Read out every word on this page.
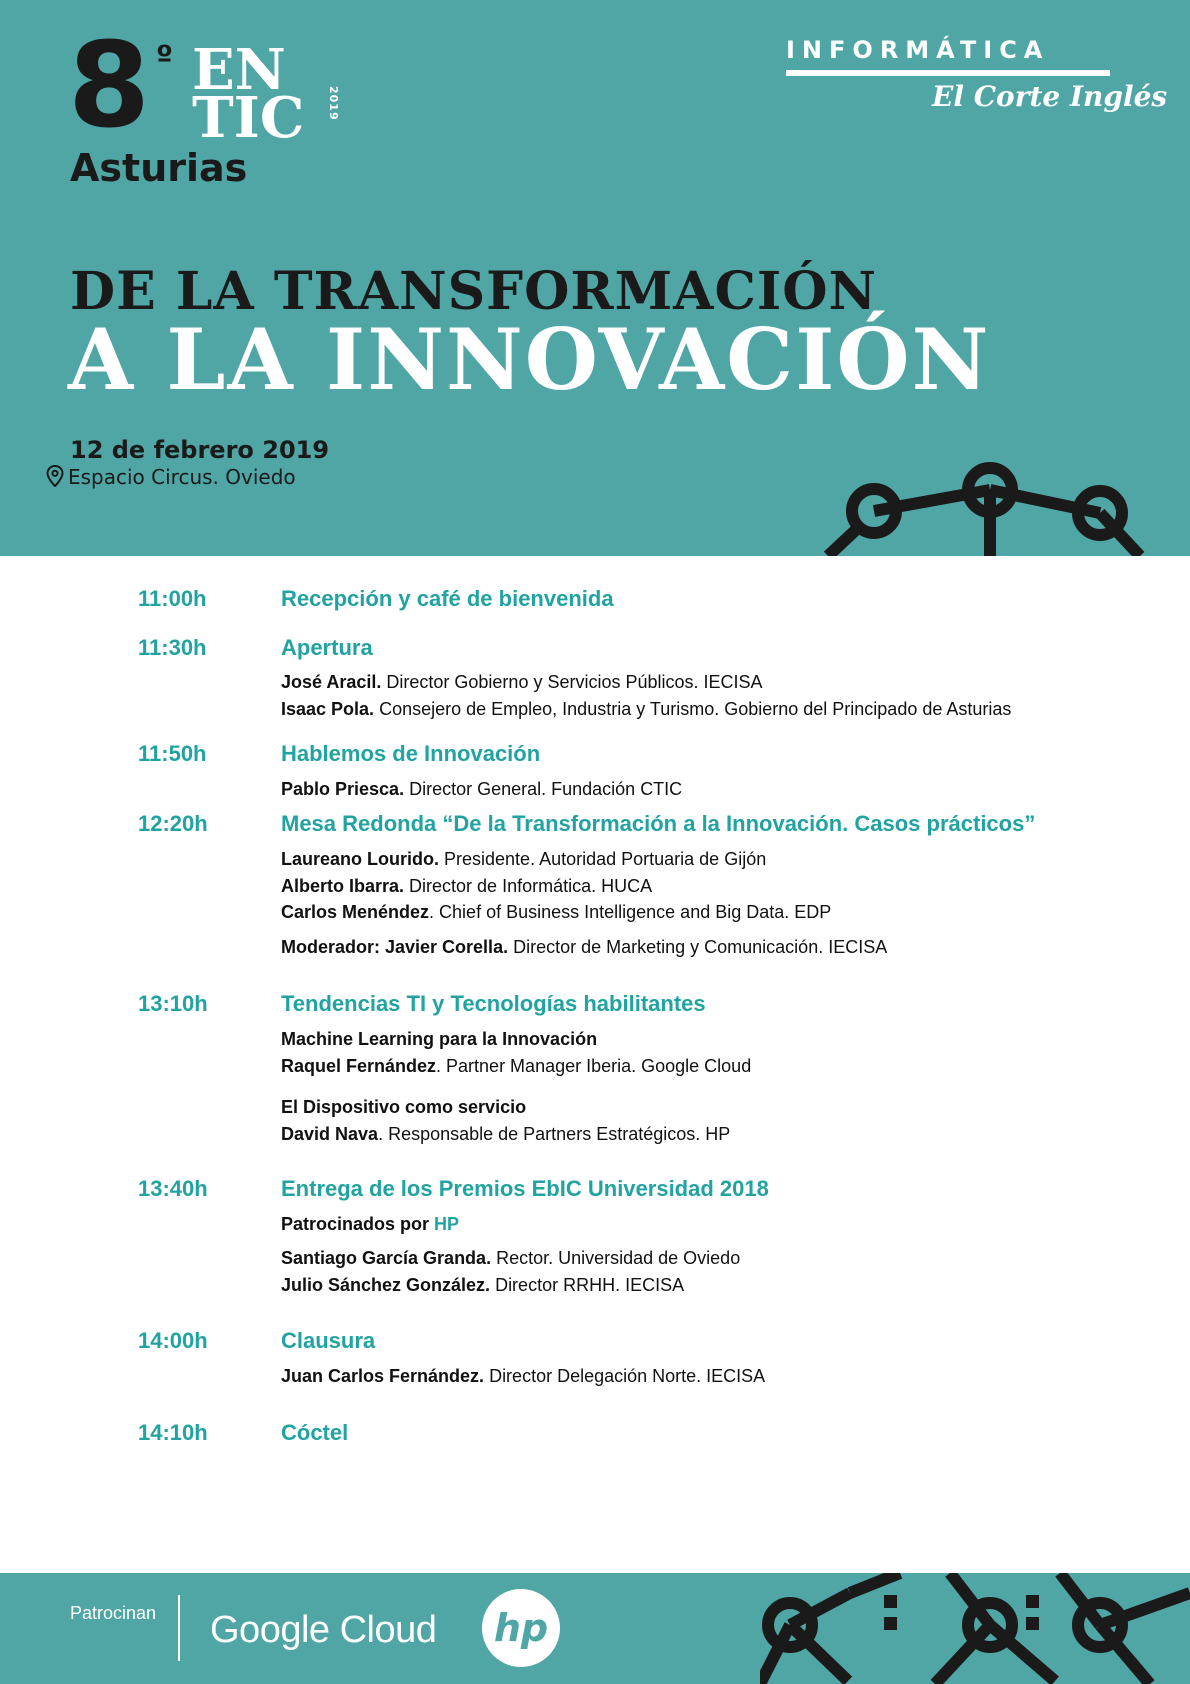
8 º EN
TIC 2019
Asturias
INFORMÁTICA
El Corte Inglés
DE LA TRANSFORMACIÓN
A LA INNOVACIÓN
12 de febrero 2019
Espacio Circus. Oviedo
11:00h	Recepción y café de bienvenida
11:30h	Apertura
José Aracil. Director Gobierno y Servicios Públicos. IECISA
Isaac Pola. Consejero de Empleo, Industria y Turismo. Gobierno del Principado de Asturias
11:50h	Hablemos de Innovación
Pablo Priesca. Director General. Fundación CTIC
12:20h	Mesa Redonda “De la Transformación a la Innovación. Casos prácticos”
Laureano Lourido. Presidente. Autoridad Portuaria de Gijón
Alberto Ibarra. Director de Informática. HUCA
Carlos Menéndez. Chief of Business Intelligence and Big Data. EDP
Moderador: Javier Corella. Director de Marketing y Comunicación. IECISA
13:10h	Tendencias TI y Tecnologías habilitantes
Machine Learning para la Innovación
Raquel Fernández. Partner Manager Iberia. Google Cloud
El Dispositivo como servicio
David Nava. Responsable de Partners Estratégicos. HP
13:40h	Entrega de los Premios EbIC Universidad 2018
Patrocinados por HP
Santiago García Granda. Rector. Universidad de Oviedo
Julio Sánchez González. Director RRHH. IECISA
14:00h	Clausura
Juan Carlos Fernández. Director Delegación Norte. IECISA
14:10h	Cóctel
Patrocinan Google Cloud hp
